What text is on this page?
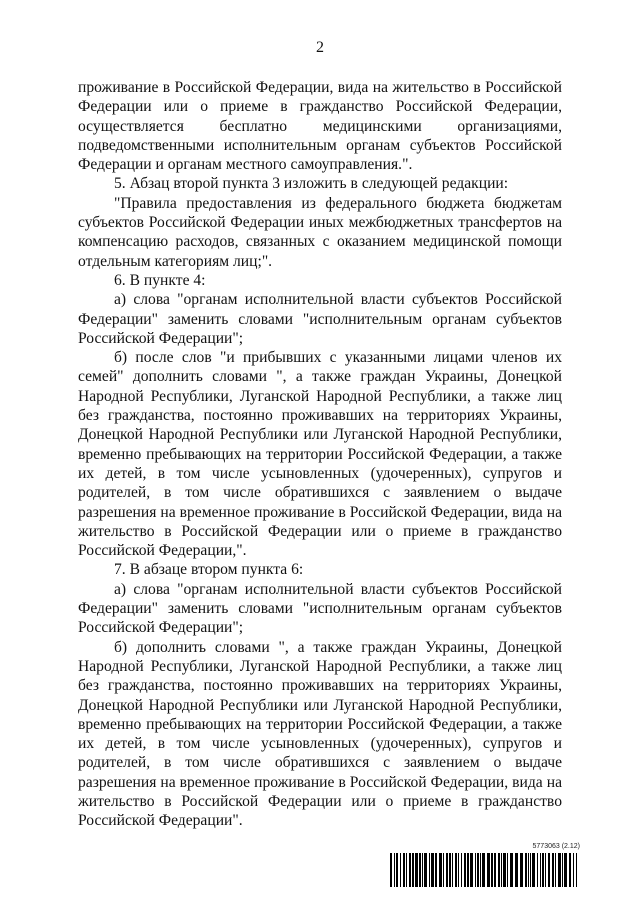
2

проживание в Российской Федерации, вида на жительство в Российской Федерации или о приеме в гражданство Российской Федерации, осуществляется бесплатно медицинскими организациями, подведомственными исполнительным органам субъектов Российской Федерации и органам местного самоуправления.".

5. Абзац второй пункта 3 изложить в следующей редакции:

"Правила предоставления из федерального бюджета бюджетам субъектов Российской Федерации иных межбюджетных трансфертов на компенсацию расходов, связанных с оказанием медицинской помощи отдельным категориям лиц;".

6. В пункте 4:

а) слова "органам исполнительной власти субъектов Российской Федерации" заменить словами "исполнительным органам субъектов Российской Федерации";

б) после слов "и прибывших с указанными лицами членов их семей" дополнить словами ", а также граждан Украины, Донецкой Народной Республики, Луганской Народной Республики, а также лиц без гражданства, постоянно проживавших на территориях Украины, Донецкой Народной Республики или Луганской Народной Республики, временно пребывающих на территории Российской Федерации, а также их детей, в том числе усыновленных (удочеренных), супругов и родителей, в том числе обратившихся с заявлением о выдаче разрешения на временное проживание в Российской Федерации, вида на жительство в Российской Федерации или о приеме в гражданство Российской Федерации,".

7. В абзаце втором пункта 6:

а) слова "органам исполнительной власти субъектов Российской Федерации" заменить словами "исполнительным органам субъектов Российской Федерации";

б) дополнить словами ", а также граждан Украины, Донецкой Народной Республики, Луганской Народной Республики, а также лиц без гражданства, постоянно проживавших на территориях Украины, Донецкой Народной Республики или Луганской Народной Республики, временно пребывающих на территории Российской Федерации, а также их детей, в том числе усыновленных (удочеренных), супругов и родителей, в том числе обратившихся с заявлением о выдаче разрешения на временное проживание в Российской Федерации, вида на жительство в Российской Федерации или о приеме в гражданство Российской Федерации".

5773063 (2.12)
